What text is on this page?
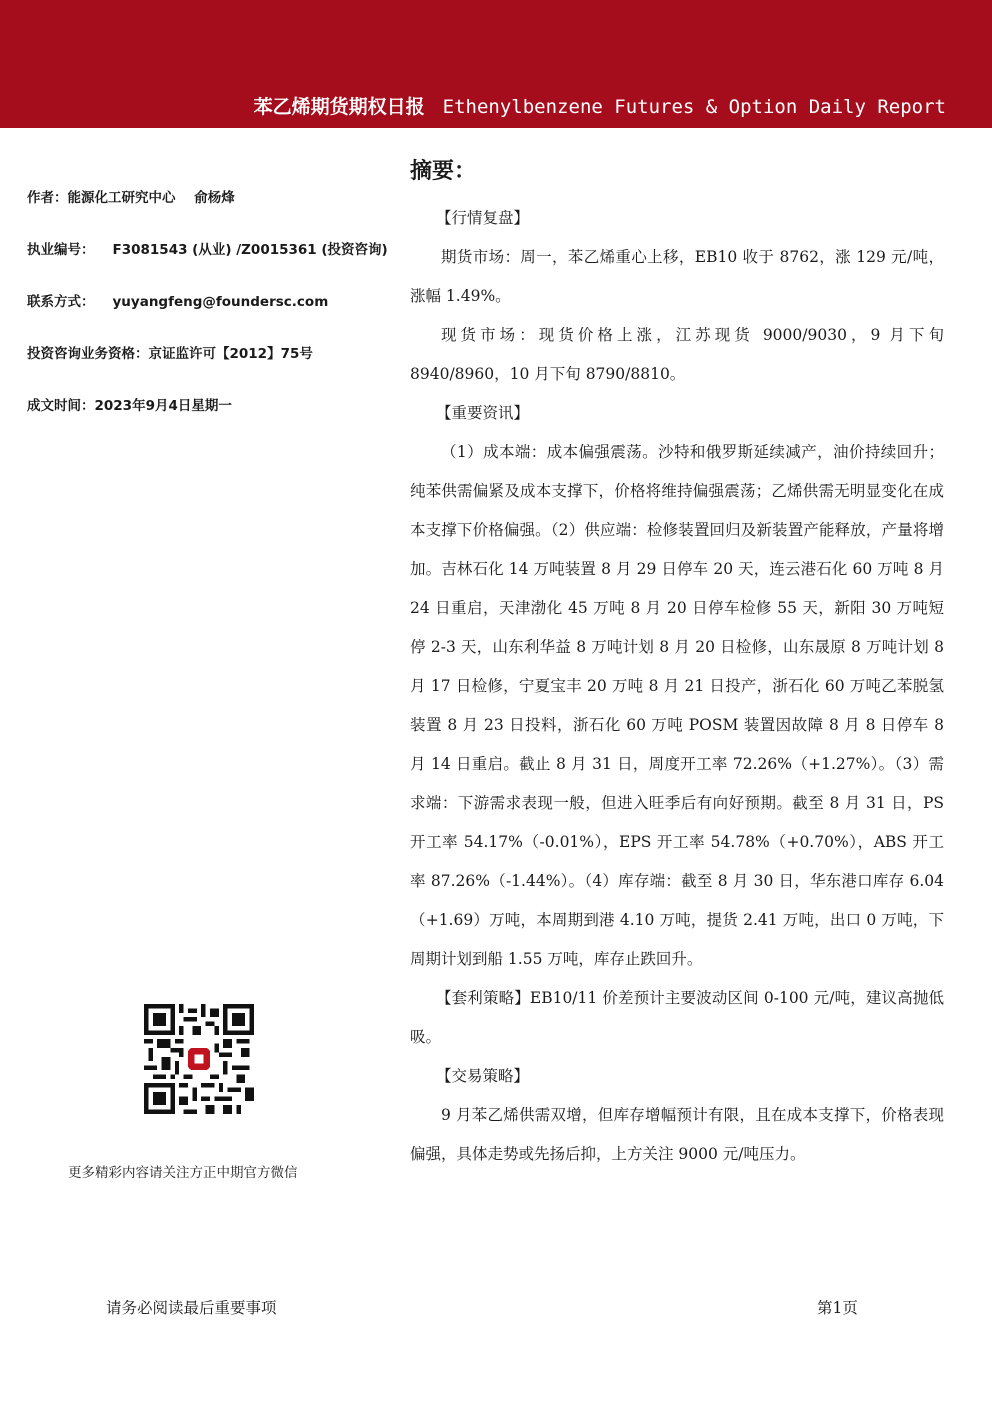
苯乙烯期货期权日报 Ethenylbenzene Futures & Option Daily Report
作者：能源化工研究中心    俞杨烽
执业编号： F3081543 (从业) /Z0015361 (投资咨询)
联系方式： yuyangfeng@foundersc.com
投资咨询业务资格：京证监许可【2012】75号
成文时间：2023年9月4日星期一
更多精彩内容请关注方正中期官方微信
摘要：

【行情复盘】

期货市场：周一，苯乙烯重心上移，EB10 收于 8762，涨 129 元/吨，涨幅 1.49%。

现货市场：现货价格上涨，江苏现货 9000/9030，9 月下旬 8940/8960，10 月下旬 8790/8810。

【重要资讯】

（1）成本端：成本偏强震荡。沙特和俄罗斯延续减产，油价持续回升；纯苯供需偏紧及成本支撑下，价格将维持偏强震荡；乙烯供需无明显变化在成本支撑下价格偏强。（2）供应端：检修装置回归及新装置产能释放，产量将增加。吉林石化 14 万吨装置 8 月 29 日停车 20 天，连云港石化 60 万吨 8 月 24 日重启，天津渤化 45 万吨 8 月 20 日停车检修 55 天，新阳 30 万吨短停 2-3 天，山东利华益 8 万吨计划 8 月 20 日检修，山东晟原 8 万吨计划 8 月 17 日检修，宁夏宝丰 20 万吨 8 月 21 日投产，浙石化 60 万吨乙苯脱氢装置 8 月 23 日投料，浙石化 60 万吨 POSM 装置因故障 8 月 8 日停车 8 月 14 日重启。截止 8 月 31 日，周度开工率 72.26%（+1.27%）。（3）需求端：下游需求表现一般，但进入旺季后有向好预期。截至 8 月 31 日，PS 开工率 54.17%（-0.01%），EPS 开工率 54.78%（+0.70%），ABS 开工率 87.26%（-1.44%）。（4）库存端：截至 8 月 30 日，华东港口库存 6.04（+1.69）万吨，本周期到港 4.10 万吨，提货 2.41 万吨，出口 0 万吨，下周期计划到船 1.55 万吨，库存止跌回升。

【套利策略】EB10/11 价差预计主要波动区间 0-100 元/吨，建议高抛低吸。

【交易策略】

9 月苯乙烯供需双增，但库存增幅预计有限，且在成本支撑下，价格表现偏强，具体走势或先扬后抑，上方关注 9000 元/吨压力。

请务必阅读最后重要事项	第1页
